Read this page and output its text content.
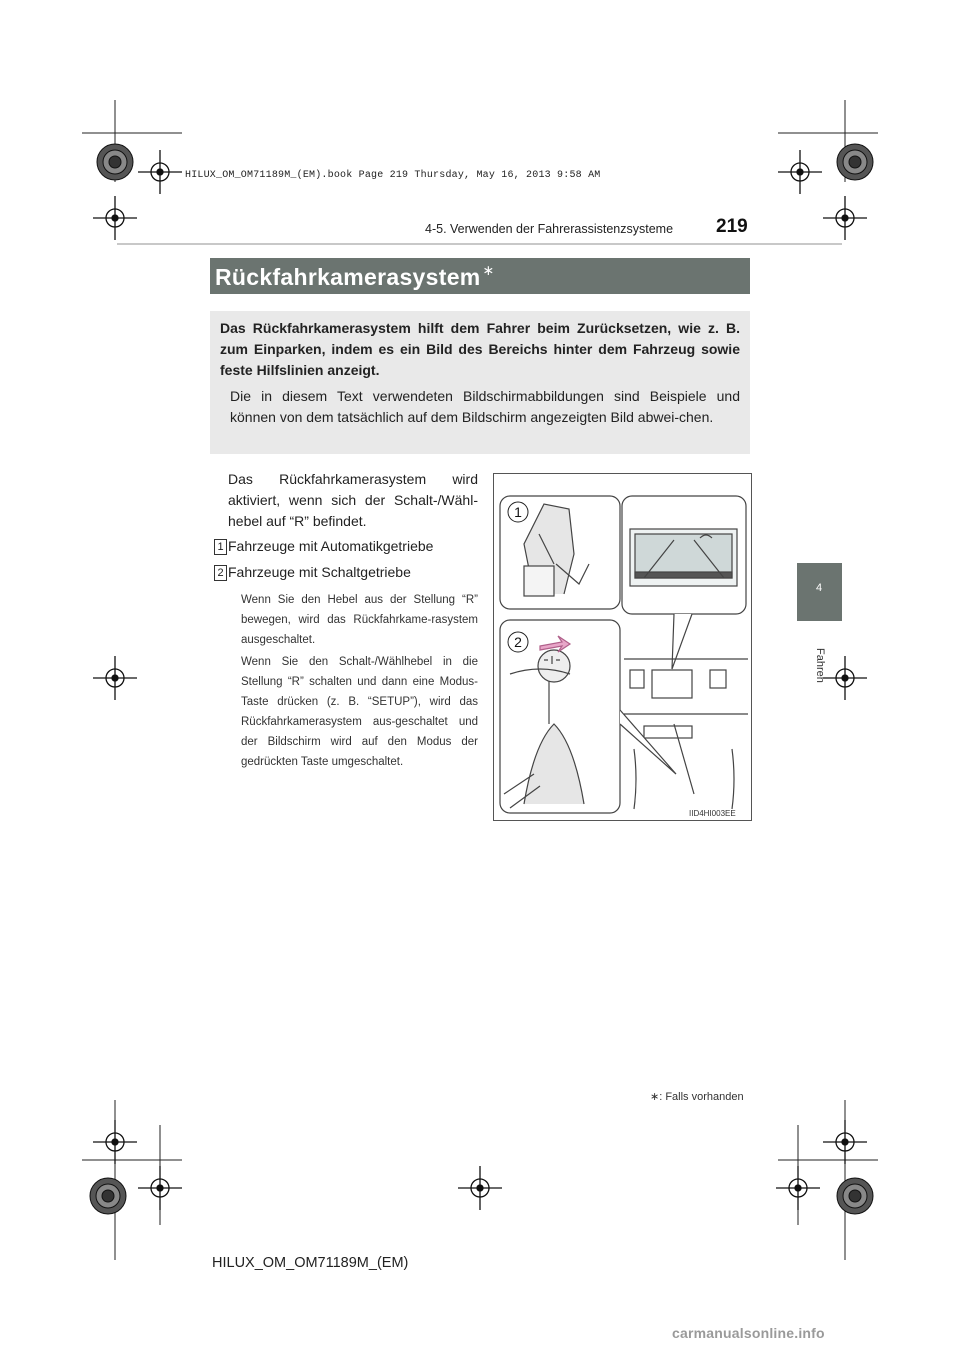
HILUX_OM_OM71189M_(EM).book Page 219 Thursday, May 16, 2013 9:58 AM
4-5. Verwenden der Fahrerassistenzsysteme 219
4
Fahren
Rückfahrkamerasystem ∗
Das Rückfahrkamerasystem hilft dem Fahrer beim Zurücksetzen, wie z. B. zum Einparken, indem es ein Bild des Bereichs hinter dem Fahrzeug sowie feste Hilfslinien anzeigt.
Die in diesem Text verwendeten Bildschirmabbildungen sind Beispiele und können von dem tatsächlich auf dem Bildschirm angezeigten Bild abwei-chen.
Das Rückfahrkamerasystem wird aktiviert, wenn sich der Schalt-/Wähl-hebel auf “R” befindet.
1 Fahrzeuge mit Automatikgetriebe
2 Fahrzeuge mit Schaltgetriebe
Wenn Sie den Hebel aus der Stellung “R” bewegen, wird das Rückfahrkame-rasystem ausgeschaltet.
Wenn Sie den Schalt-/Wählhebel in die Stellung “R” schalten und dann eine Modus-Taste drücken (z. B. “SETUP”), wird das Rückfahrkamerasystem aus-geschaltet und der Bildschirm wird auf den Modus der gedrückten Taste umgeschaltet.
1
2
IID4HI003EE
∗: Falls vorhanden
HILUX_OM_OM71189M_(EM)
carmanualsonline.info
